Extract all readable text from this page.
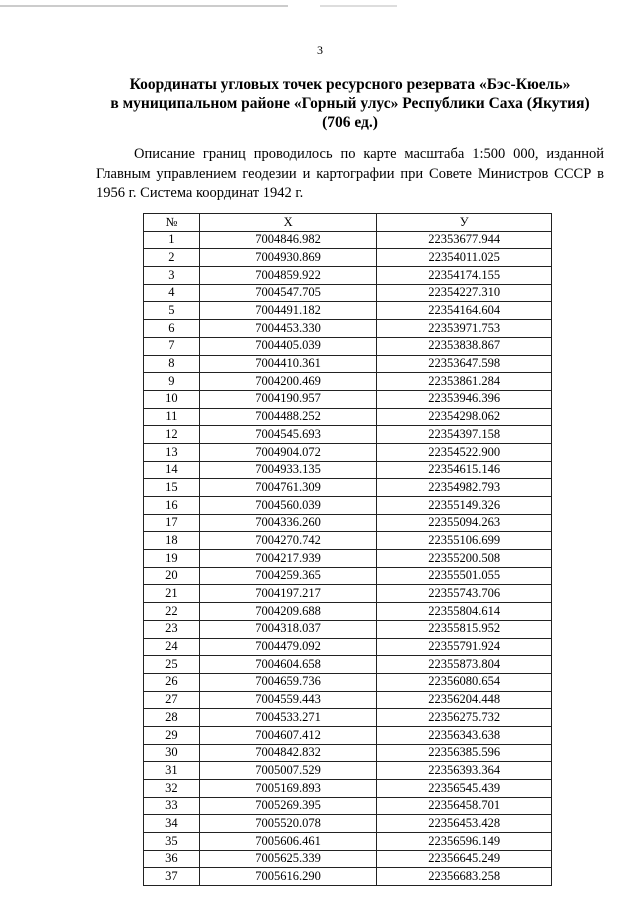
3
Координаты угловых точек ресурсного резервата «Бэс-Кюель»
в муниципальном районе «Горный улус» Республики Саха (Якутия)
(706 ед.)
Описание границ проводилось по карте масштаба 1:500 000, изданной Главным управлением геодезии и картографии при Совете Министров СССР в 1956 г. Система координат 1942 г.
№	Х	У
1	7004846.982	22353677.944
2	7004930.869	22354011.025
3	7004859.922	22354174.155
4	7004547.705	22354227.310
5	7004491.182	22354164.604
6	7004453.330	22353971.753
7	7004405.039	22353838.867
8	7004410.361	22353647.598
9	7004200.469	22353861.284
10	7004190.957	22353946.396
11	7004488.252	22354298.062
12	7004545.693	22354397.158
13	7004904.072	22354522.900
14	7004933.135	22354615.146
15	7004761.309	22354982.793
16	7004560.039	22355149.326
17	7004336.260	22355094.263
18	7004270.742	22355106.699
19	7004217.939	22355200.508
20	7004259.365	22355501.055
21	7004197.217	22355743.706
22	7004209.688	22355804.614
23	7004318.037	22355815.952
24	7004479.092	22355791.924
25	7004604.658	22355873.804
26	7004659.736	22356080.654
27	7004559.443	22356204.448
28	7004533.271	22356275.732
29	7004607.412	22356343.638
30	7004842.832	22356385.596
31	7005007.529	22356393.364
32	7005169.893	22356545.439
33	7005269.395	22356458.701
34	7005520.078	22356453.428
35	7005606.461	22356596.149
36	7005625.339	22356645.249
37	7005616.290	22356683.258
